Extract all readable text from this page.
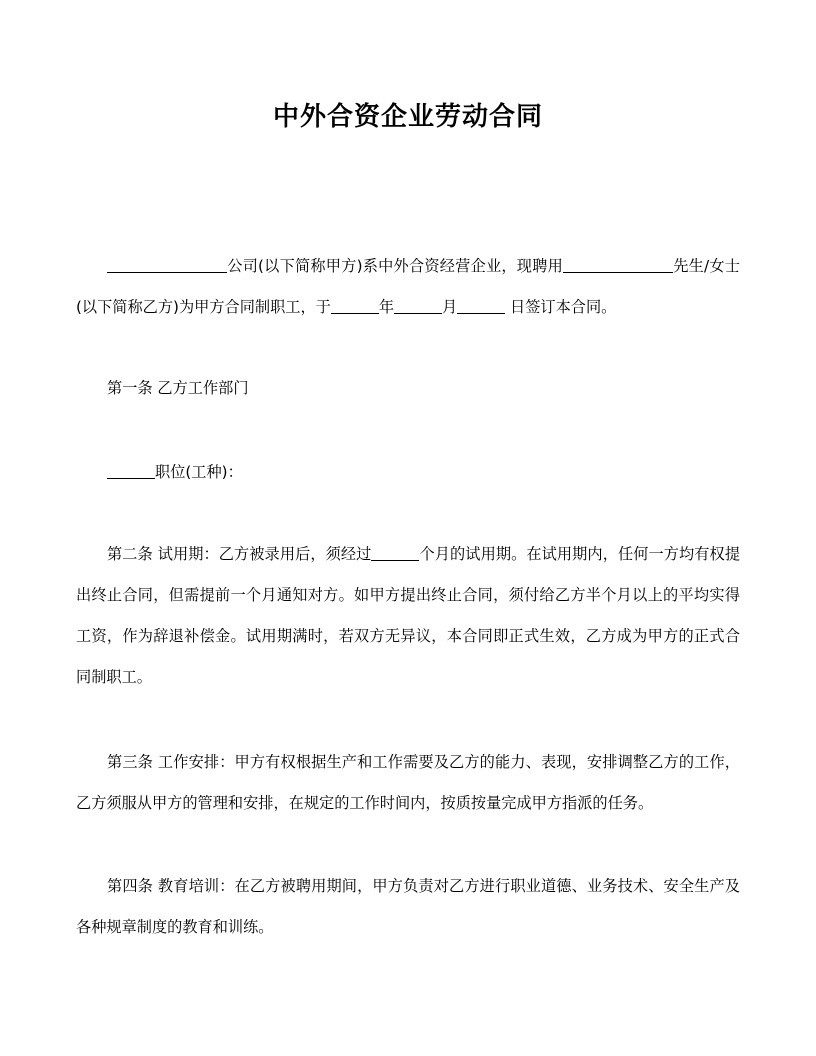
中外合资企业劳动合同
公司(以下简称甲方)系中外合资经营企业，现聘用	先生/女士(以下简称乙方)为甲方合同制职工，于	年	月	日签订本合同。
第一条 乙方工作部门
职位(工种)：
第二条 试用期：乙方被录用后，须经过	个月的试用期。在试用期内，任何一方均有权提出终止合同，但需提前一个月通知对方。如甲方提出终止合同，须付给乙方半个月以上的平均实得工资，作为辞退补偿金。试用期满时，若双方无异议，本合同即正式生效，乙方成为甲方的正式合同制职工。
第三条 工作安排：甲方有权根据生产和工作需要及乙方的能力、表现，安排调整乙方的工作，乙方须服从甲方的管理和安排，在规定的工作时间内，按质按量完成甲方指派的任务。
第四条 教育培训：在乙方被聘用期间，甲方负责对乙方进行职业道德、业务技术、安全生产及各种规章制度的教育和训练。
